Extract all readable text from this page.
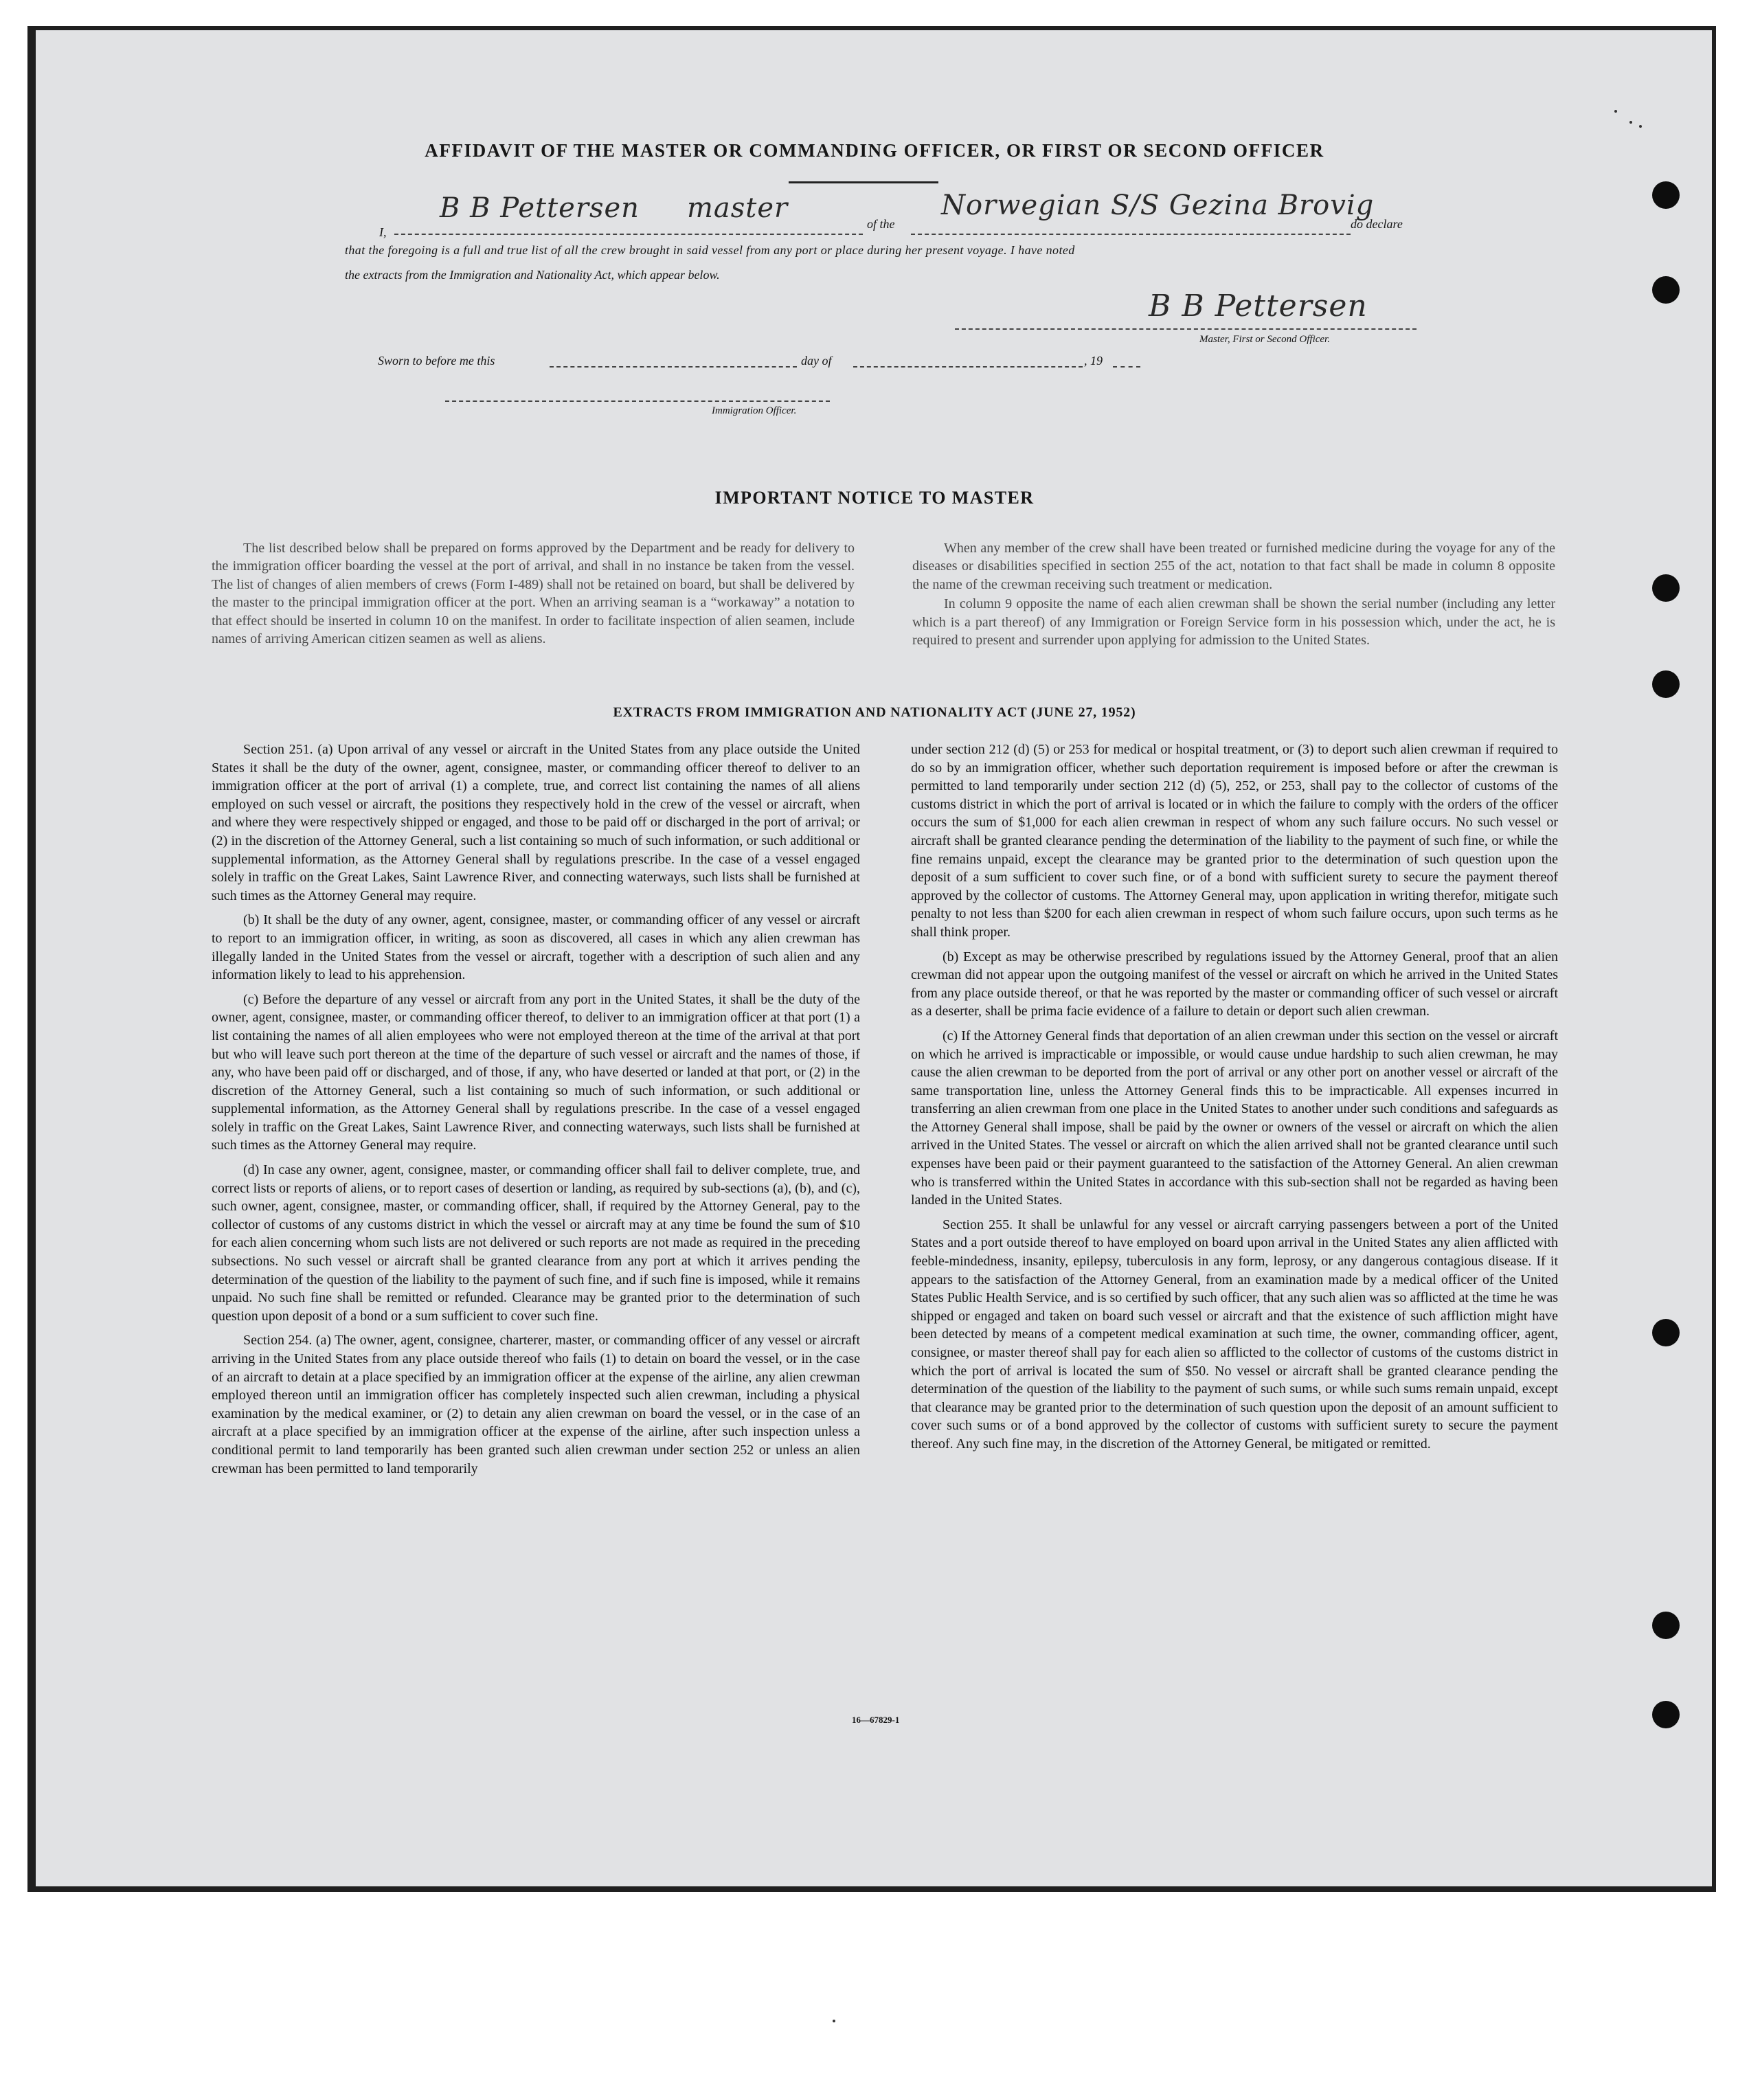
AFFIDAVIT OF THE MASTER OR COMMANDING OFFICER, OR FIRST OR SECOND OFFICER
I,
B B Pettersen master	of the
Norwegian S/S Gezina Brovig
do declare
that the foregoing is a full and true list of all the crew brought in said vessel from any port or place during her present voyage. I have noted
the extracts from the Immigration and Nationality Act, which appear below.
B B Pettersen
Master, First or Second Officer.
Sworn to before me this	day of	, 19
Immigration Officer.
IMPORTANT NOTICE TO MASTER

The list described below shall be prepared on forms approved by the Department and be ready for delivery to the immigration officer boarding the vessel at the port of arrival, and shall in no instance be taken from the vessel. The list of changes of alien members of crews (Form I-489) shall not be retained on board, but shall be delivered by the master to the principal immigration officer at the port. When an arriving seaman is a “workaway” a notation to that effect should be inserted in column 10 on the manifest. In order to facilitate inspection of alien seamen, include names of arriving American citizen seamen as well as aliens.

When any member of the crew shall have been treated or furnished medicine during the voyage for any of the diseases or disabilities specified in section 255 of the act, notation to that fact shall be made in column 8 opposite the name of the crewman receiving such treatment or medication.

In column 9 opposite the name of each alien crewman shall be shown the serial number (including any letter which is a part thereof) of any Immigration or Foreign Service form in his possession which, under the act, he is required to present and surrender upon applying for admission to the United States.

EXTRACTS FROM IMMIGRATION AND NATIONALITY ACT (JUNE 27, 1952)

Section 251. (a) Upon arrival of any vessel or aircraft in the United States from any place outside the United States it shall be the duty of the owner, agent, consignee, master, or commanding officer thereof to deliver to an immigration officer at the port of arrival (1) a complete, true, and correct list containing the names of all aliens employed on such vessel or aircraft, the positions they respectively hold in the crew of the vessel or aircraft, when and where they were respectively shipped or engaged, and those to be paid off or discharged in the port of arrival; or (2) in the discretion of the Attorney General, such a list containing so much of such information, or such additional or supplemental information, as the Attorney General shall by regulations prescribe. In the case of a vessel engaged solely in traffic on the Great Lakes, Saint Lawrence River, and connecting waterways, such lists shall be furnished at such times as the Attorney General may require.

(b) It shall be the duty of any owner, agent, consignee, master, or commanding officer of any vessel or aircraft to report to an immigration officer, in writing, as soon as discovered, all cases in which any alien crewman has illegally landed in the United States from the vessel or aircraft, together with a description of such alien and any information likely to lead to his apprehension.

(c) Before the departure of any vessel or aircraft from any port in the United States, it shall be the duty of the owner, agent, consignee, master, or commanding officer thereof, to deliver to an immigration officer at that port (1) a list containing the names of all alien employees who were not employed thereon at the time of the arrival at that port but who will leave such port thereon at the time of the departure of such vessel or aircraft and the names of those, if any, who have been paid off or discharged, and of those, if any, who have deserted or landed at that port, or (2) in the discretion of the Attorney General, such a list containing so much of such information, or such additional or supplemental information, as the Attorney General shall by regulations prescribe. In the case of a vessel engaged solely in traffic on the Great Lakes, Saint Lawrence River, and connecting waterways, such lists shall be furnished at such times as the Attorney General may require.

(d) In case any owner, agent, consignee, master, or commanding officer shall fail to deliver complete, true, and correct lists or reports of aliens, or to report cases of desertion or landing, as required by sub-sections (a), (b), and (c), such owner, agent, consignee, master, or commanding officer, shall, if required by the Attorney General, pay to the collector of customs of any customs district in which the vessel or aircraft may at any time be found the sum of $10 for each alien concerning whom such lists are not delivered or such reports are not made as required in the preceding subsections. No such vessel or aircraft shall be granted clearance from any port at which it arrives pending the determination of the question of the liability to the payment of such fine, and if such fine is imposed, while it remains unpaid. No such fine shall be remitted or refunded. Clearance may be granted prior to the determination of such question upon deposit of a bond or a sum sufficient to cover such fine.

Section 254. (a) The owner, agent, consignee, charterer, master, or commanding officer of any vessel or aircraft arriving in the United States from any place outside thereof who fails (1) to detain on board the vessel, or in the case of an aircraft to detain at a place specified by an immigration officer at the expense of the airline, any alien crewman employed thereon until an immigration officer has completely inspected such alien crewman, including a physical examination by the medical examiner, or (2) to detain any alien crewman on board the vessel, or in the case of an aircraft at a place specified by an immigration officer at the expense of the airline, after such inspection unless a conditional permit to land temporarily has been granted such alien crewman under section 252 or unless an alien crewman has been permitted to land temporarily

under section 212 (d) (5) or 253 for medical or hospital treatment, or (3) to deport such alien crewman if required to do so by an immigration officer, whether such deportation requirement is imposed before or after the crewman is permitted to land temporarily under section 212 (d) (5), 252, or 253, shall pay to the collector of customs of the customs district in which the port of arrival is located or in which the failure to comply with the orders of the officer occurs the sum of $1,000 for each alien crewman in respect of whom any such failure occurs. No such vessel or aircraft shall be granted clearance pending the determination of the liability to the payment of such fine, or while the fine remains unpaid, except the clearance may be granted prior to the determination of such question upon the deposit of a sum sufficient to cover such fine, or of a bond with sufficient surety to secure the payment thereof approved by the collector of customs. The Attorney General may, upon application in writing therefor, mitigate such penalty to not less than $200 for each alien crewman in respect of whom such failure occurs, upon such terms as he shall think proper.

(b) Except as may be otherwise prescribed by regulations issued by the Attorney General, proof that an alien crewman did not appear upon the outgoing manifest of the vessel or aircraft on which he arrived in the United States from any place outside thereof, or that he was reported by the master or commanding officer of such vessel or aircraft as a deserter, shall be prima facie evidence of a failure to detain or deport such alien crewman.

(c) If the Attorney General finds that deportation of an alien crewman under this section on the vessel or aircraft on which he arrived is impracticable or impossible, or would cause undue hardship to such alien crewman, he may cause the alien crewman to be deported from the port of arrival or any other port on another vessel or aircraft of the same transportation line, unless the Attorney General finds this to be impracticable. All expenses incurred in transferring an alien crewman from one place in the United States to another under such conditions and safeguards as the Attorney General shall impose, shall be paid by the owner or owners of the vessel or aircraft on which the alien arrived in the United States. The vessel or aircraft on which the alien arrived shall not be granted clearance until such expenses have been paid or their payment guaranteed to the satisfaction of the Attorney General. An alien crewman who is transferred within the United States in accordance with this sub-section shall not be regarded as having been landed in the United States.

Section 255. It shall be unlawful for any vessel or aircraft carrying passengers between a port of the United States and a port outside thereof to have employed on board upon arrival in the United States any alien afflicted with feeble-mindedness, insanity, epilepsy, tuberculosis in any form, leprosy, or any dangerous contagious disease. If it appears to the satisfaction of the Attorney General, from an examination made by a medical officer of the United States Public Health Service, and is so certified by such officer, that any such alien was so afflicted at the time he was shipped or engaged and taken on board such vessel or aircraft and that the existence of such affliction might have been detected by means of a competent medical examination at such time, the owner, commanding officer, agent, consignee, or master thereof shall pay for each alien so afflicted to the collector of customs of the customs district in which the port of arrival is located the sum of $50. No vessel or aircraft shall be granted clearance pending the determination of the question of the liability to the payment of such sums, or while such sums remain unpaid, except that clearance may be granted prior to the determination of such question upon the deposit of an amount sufficient to cover such sums or of a bond approved by the collector of customs with sufficient surety to secure the payment thereof. Any such fine may, in the discretion of the Attorney General, be mitigated or remitted.

16—67829-1
